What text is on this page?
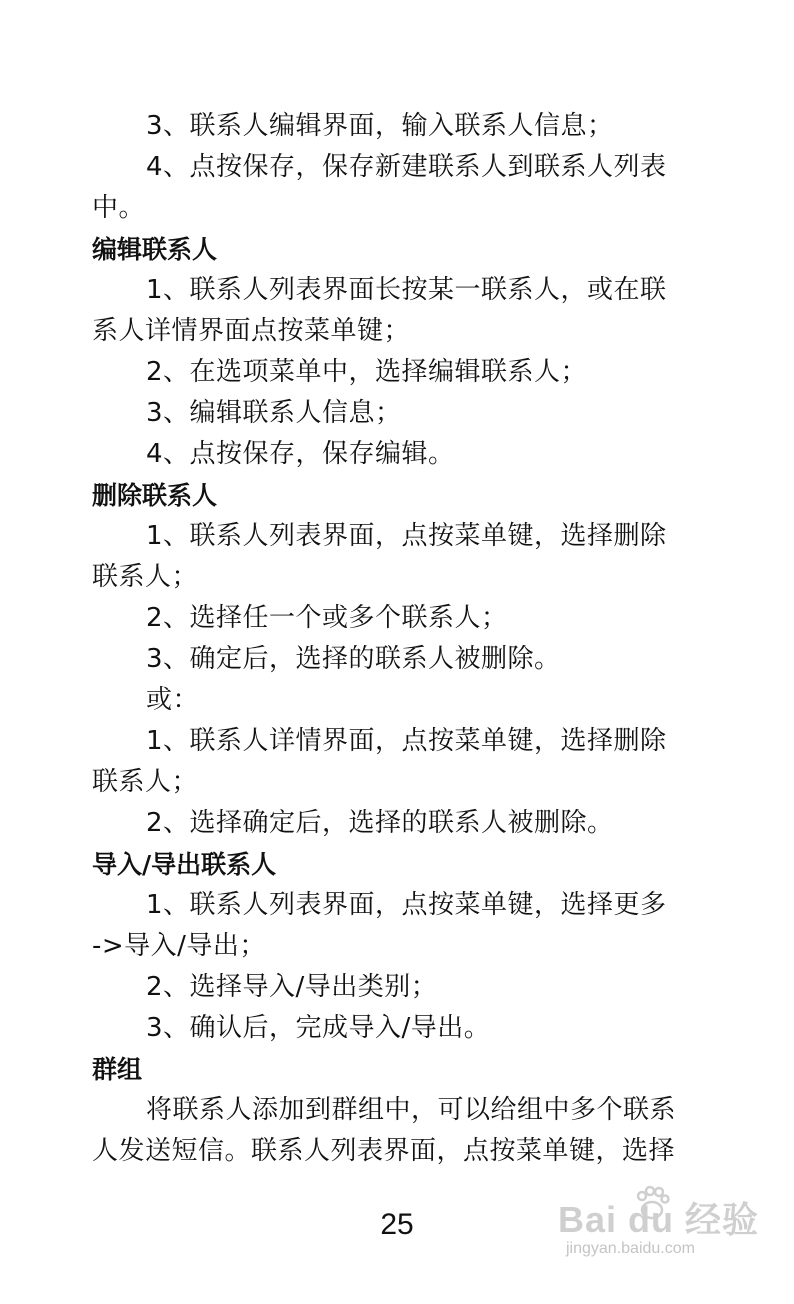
3、联系人编辑界面，输入联系人信息；
4、点按保存，保存新建联系人到联系人列表
中。
编辑联系人
1、联系人列表界面长按某一联系人，或在联
系人详情界面点按菜单键；
2、在选项菜单中，选择编辑联系人；
3、编辑联系人信息；
4、点按保存，保存编辑。
删除联系人
1、联系人列表界面，点按菜单键，选择删除
联系人；
2、选择任一个或多个联系人；
3、确定后，选择的联系人被删除。
或：
1、联系人详情界面，点按菜单键，选择删除
联系人；
2、选择确定后，选择的联系人被删除。
导入/导出联系人
1、联系人列表界面，点按菜单键，选择更多
->导入/导出；
2、选择导入/导出类别；
3、确认后，完成导入/导出。
群组
将联系人添加到群组中，可以给组中多个联系
人发送短信。联系人列表界面，点按菜单键，选择
25	Bai du 经验
jingyan.baidu.com
